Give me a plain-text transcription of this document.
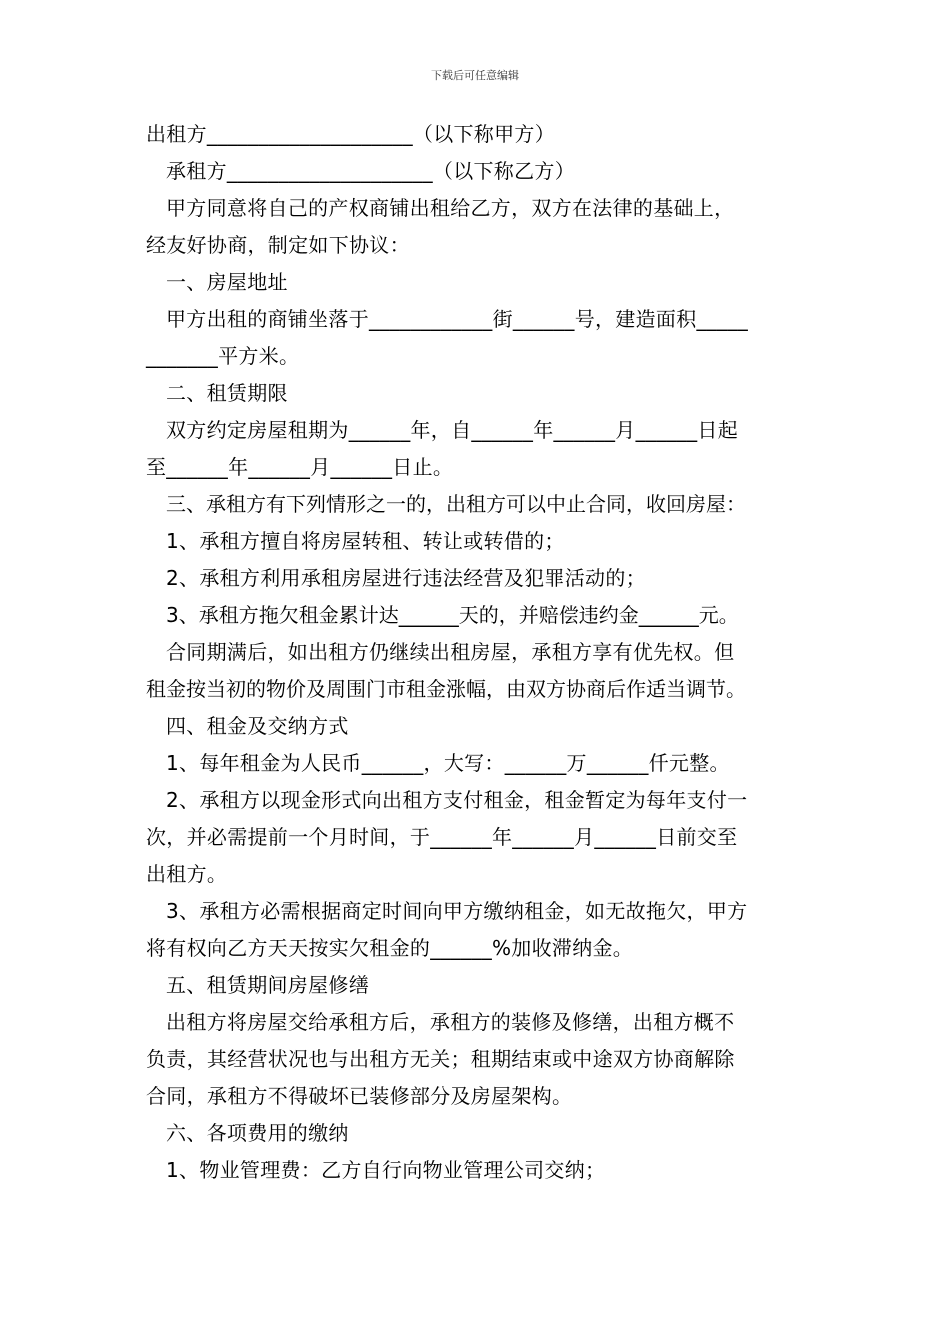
下载后可任意编辑
出租方____________________（以下称甲方）
承租方____________________（以下称乙方）
甲方同意将自己的产权商铺出租给乙方，双方在法律的基础上，
经友好协商，制定如下协议：
一、房屋地址
甲方出租的商铺坐落于____________街______号，建造面积_____
_______平方米。
二、租赁期限
双方约定房屋租期为______年，自______年______月______日起
至______年______月______日止。
三、承租方有下列情形之一的，出租方可以中止合同，收回房屋：
1、承租方擅自将房屋转租、转让或转借的；
2、承租方利用承租房屋进行违法经营及犯罪活动的；
3、承租方拖欠租金累计达______天的，并赔偿违约金______元。
合同期满后，如出租方仍继续出租房屋，承租方享有优先权。但
租金按当初的物价及周围门市租金涨幅，由双方协商后作适当调节。
四、租金及交纳方式
1、每年租金为人民币______，大写：______万______仟元整。
2、承租方以现金形式向出租方支付租金，租金暂定为每年支付一
次，并必需提前一个月时间，于______年______月______日前交至
出租方。
3、承租方必需根据商定时间向甲方缴纳租金，如无故拖欠，甲方
将有权向乙方天天按实欠租金的______%加收滞纳金。
五、租赁期间房屋修缮
出租方将房屋交给承租方后，承租方的装修及修缮，出租方概不
负责，其经营状况也与出租方无关；租期结束或中途双方协商解除
合同，承租方不得破坏已装修部分及房屋架构。
六、各项费用的缴纳
1、物业管理费：乙方自行向物业管理公司交纳；
